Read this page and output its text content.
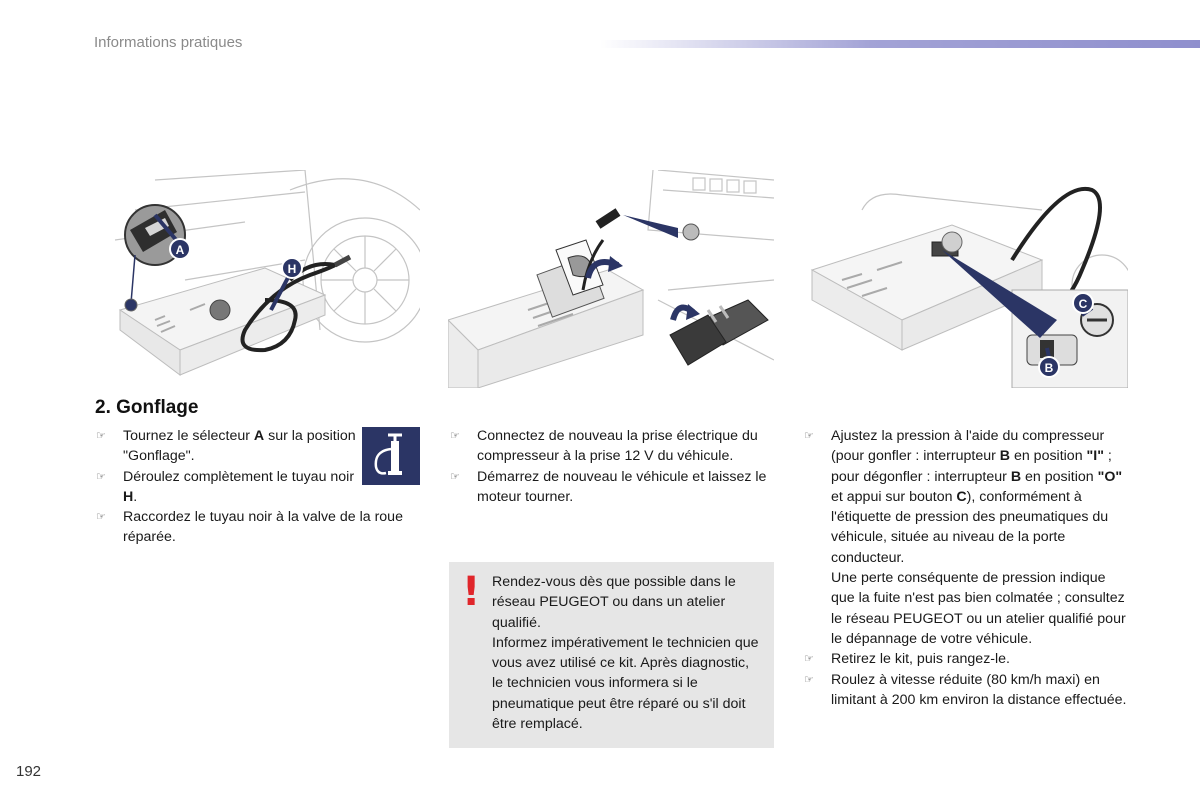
Informations pratiques
A
H
C
B
2. Gonflage
☞ Tournez le sélecteur A sur la position "Gonflage".
☞ Déroulez complètement le tuyau noir H.
☞ Raccordez le tuyau noir à la valve de la roue réparée.
☞ Connectez de nouveau la prise électrique du compresseur à la prise 12 V du véhicule.
☞ Démarrez de nouveau le véhicule et laissez le moteur tourner.
! Rendez-vous dès que possible dans le réseau PEUGEOT ou dans un atelier qualifié.
Informez impérativement le technicien que vous avez utilisé ce kit. Après diagnostic, le technicien vous informera si le pneumatique peut être réparé ou s'il doit être remplacé.
☞ Ajustez la pression à l'aide du compresseur (pour gonfler : interrupteur B en position "I" ; pour dégonfler : interrupteur B en position "O" et appui sur bouton C), conformément à l'étiquette de pression des pneumatiques du véhicule, située au niveau de la porte conducteur.
Une perte conséquente de pression indique que la fuite n'est pas bien colmatée ; consultez le réseau PEUGEOT ou un atelier qualifié pour le dépannage de votre véhicule.
☞ Retirez le kit, puis rangez-le.
☞ Roulez à vitesse réduite (80 km/h maxi) en limitant à 200 km environ la distance effectuée.
192
